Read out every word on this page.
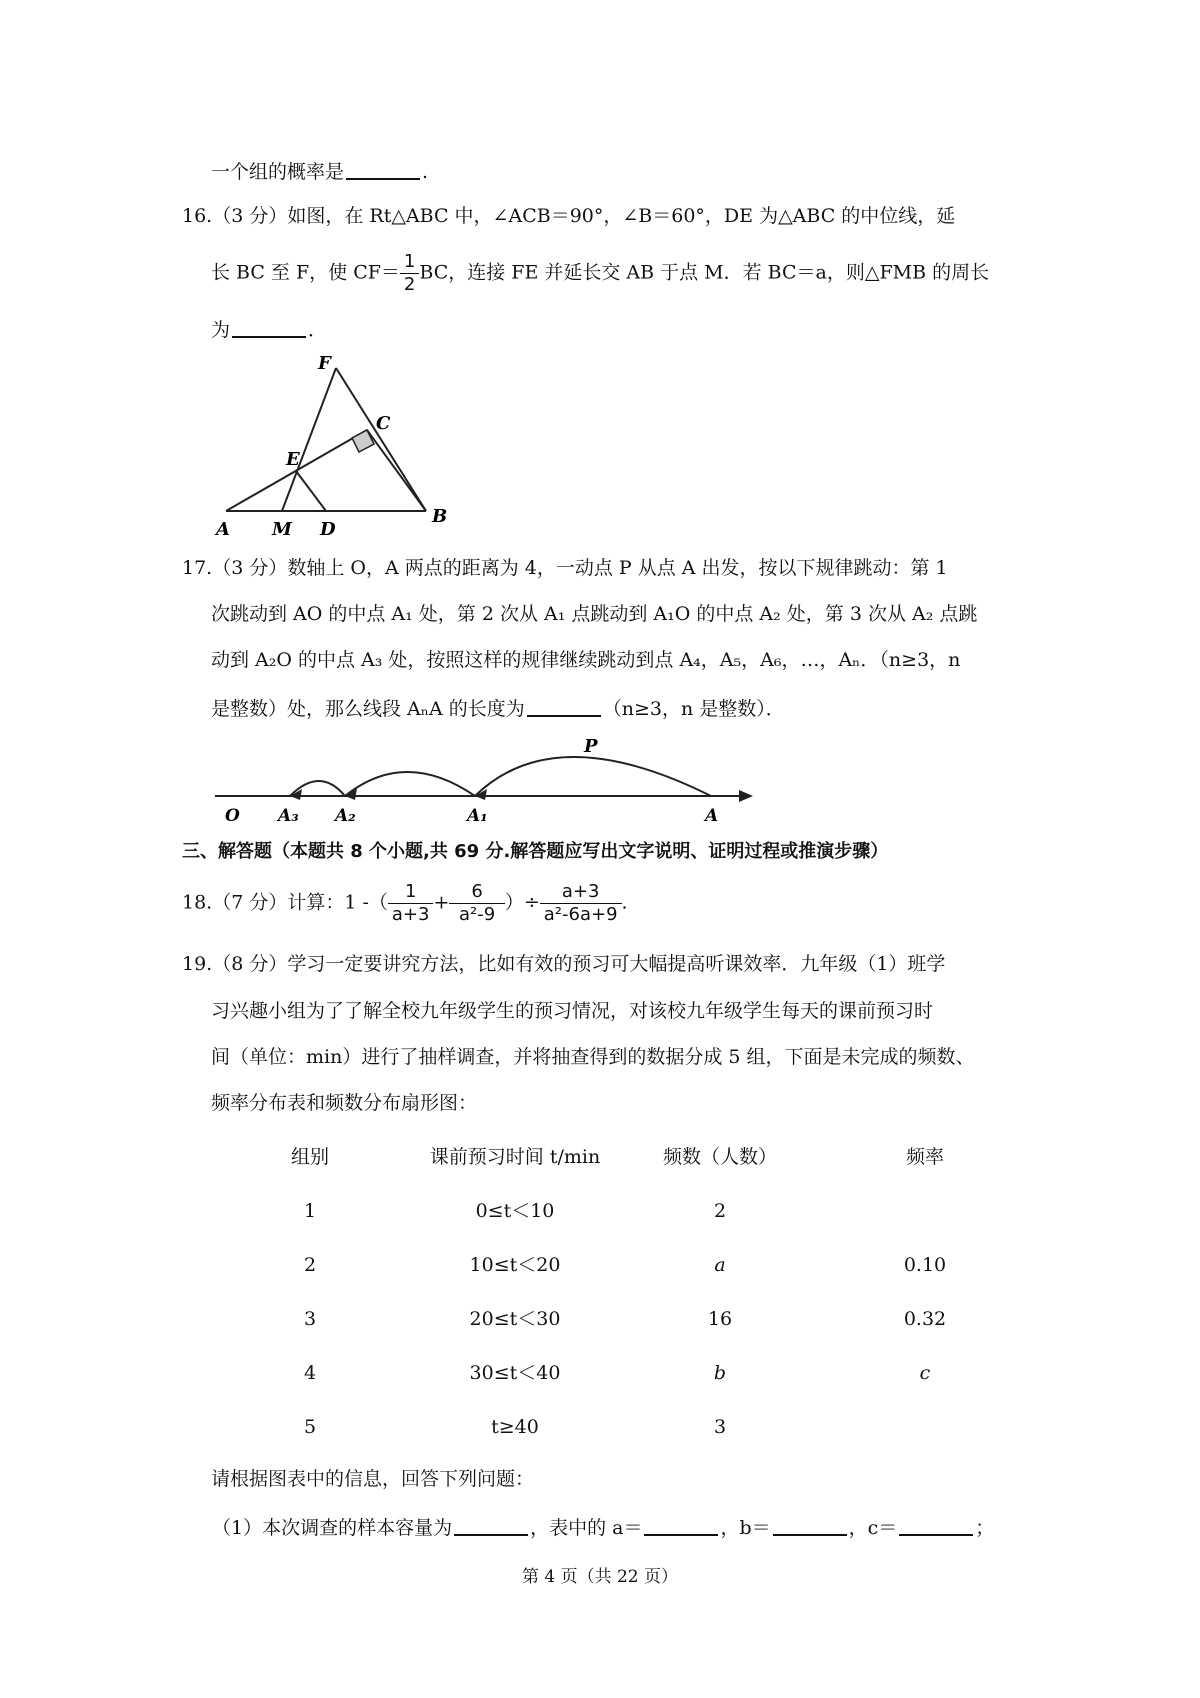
一个组的概率是	.
16.（3 分）如图，在 Rt△ABC 中，∠ACB＝90°，∠B＝60°，DE 为△ABC 的中位线，延
长 BC 至 F，使 $CF= \frac{1}{2}$ BC，连接 FE 并延长交 AB 于点 M．若 BC＝a，则△FMB 的周长
为	．
F
C
E
A M D
B
17.（3 分）数轴上 O，A 两点的距离为 4，一动点 P 从点 A 出发，按以下规律跳动：第 1
次跳动到 AO 的中点 A₁ 处，第 2 次从 A₁ 点跳动到 A₁O 的中点 A₂ 处，第 3 次从 A₂ 点跳
动到 A₂O 的中点 A₃ 处，按照这样的规律继续跳动到点 A₄，A₅，A₆，…，Aₙ．（n≥3，n
是整数）处，那么线段 AₙA 的长度为	（n≥3，n 是整数）．
P
O A₃ A₂	A₁	A
三、解答题（本题共 8 个小题,共 69 分.解答题应写出文字说明、证明过程或推演步骤）
18.（7 分）计算：1 -（ $\frac{1}{a+3} + \frac{6}{\text{a²-9}}$ ）÷ $\frac{a+3}{\text{a²-6a+9}}$ .
19.（8 分）学习一定要讲究方法，比如有效的预习可大幅提高听课效率．九年级（1）班学
习兴趣小组为了了解全校九年级学生的预习情况，对该校九年级学生每天的课前预习时
间（单位：min）进行了抽样调查，并将抽查得到的数据分成 5 组，下面是未完成的频数、
频率分布表和频数分布扇形图：
组别	课前预习时间 t/min	频数（人数）	频率
1	0≤t＜10	2
2	10≤t＜20	a	0.10
3	20≤t＜30	16	0.32
4	30≤t＜40	b	c
5	t≥40	3
请根据图表中的信息，回答下列问题：
（1）本次调查的样本容量为	，表中的 a＝	，b＝	，c＝	；
第 4 页（共 22 页）
